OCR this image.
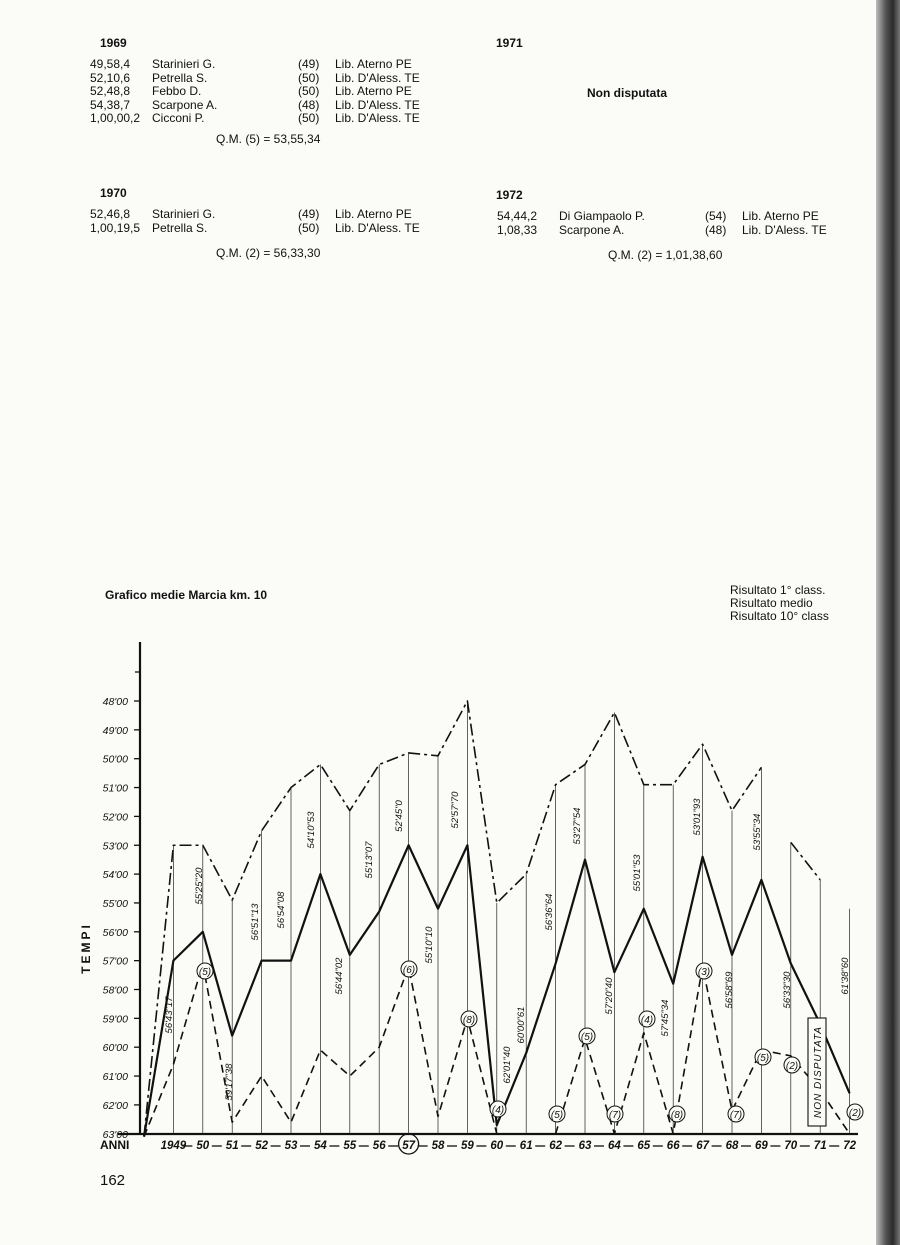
1969
49,58,4 Starinieri G.	(49) Lib. Aterno PE
52,10,6 Petrella S.	(50) Lib. D'Aless. TE
52,48,8 Febbo D.	(50) Lib. Aterno PE
54,38,7 Scarpone A.	(48) Lib. D'Aless. TE
1,00,00,2 Cicconi P.	(50) Lib. D'Aless. TE
Q.M. (5) = 53,55,34
1970
52,46,8 Starinieri G.	(49) Lib. Aterno PE
1,00,19,5 Petrella S.	(50) Lib. D'Aless. TE
Q.M. (2) = 56,33,30
1971
Non disputata
1972
54,44,2 Di Giampaolo P.	(54) Lib. Aterno PE
1,08,33 Scarpone A.	(48) Lib. D'Aless. TE
Q.M. (2) = 1,01,38,60
Grafico medie Marcia km. 10	Risultato 1° class.
Risultato medio
Risultato 10° class
48'00
49'00
50'00
51'00
52'00
53'00
54'00
55'00
56'00
57'00
58'00
59'00
60'00
61'00
62'00
63'00
TEMPI
ANNI	1949 50 51 52 53 54 55 56 57 58 59 60 61 62 63 64 65 66 67 68 69 70 71 72
56'43"17
55'25"20
59'17"38
56'51"13 56'54"08
54'10"53
56'44"02
55'13"07
52'45"0
55'10"10
52'57"70
62'01"40
60'00"61
56'36"64
53'27"54
57'20"40
55'01"53
57'45"34
53'01"93
56'58"69
53'55"34
56'33"30	61'38"60
(5)	(6)
(8)
(4)	(5)
(5)
(7)
(4)
(8)
(3)
(7)
(5)
(2)
(2)
NON DISPUTATA
162
